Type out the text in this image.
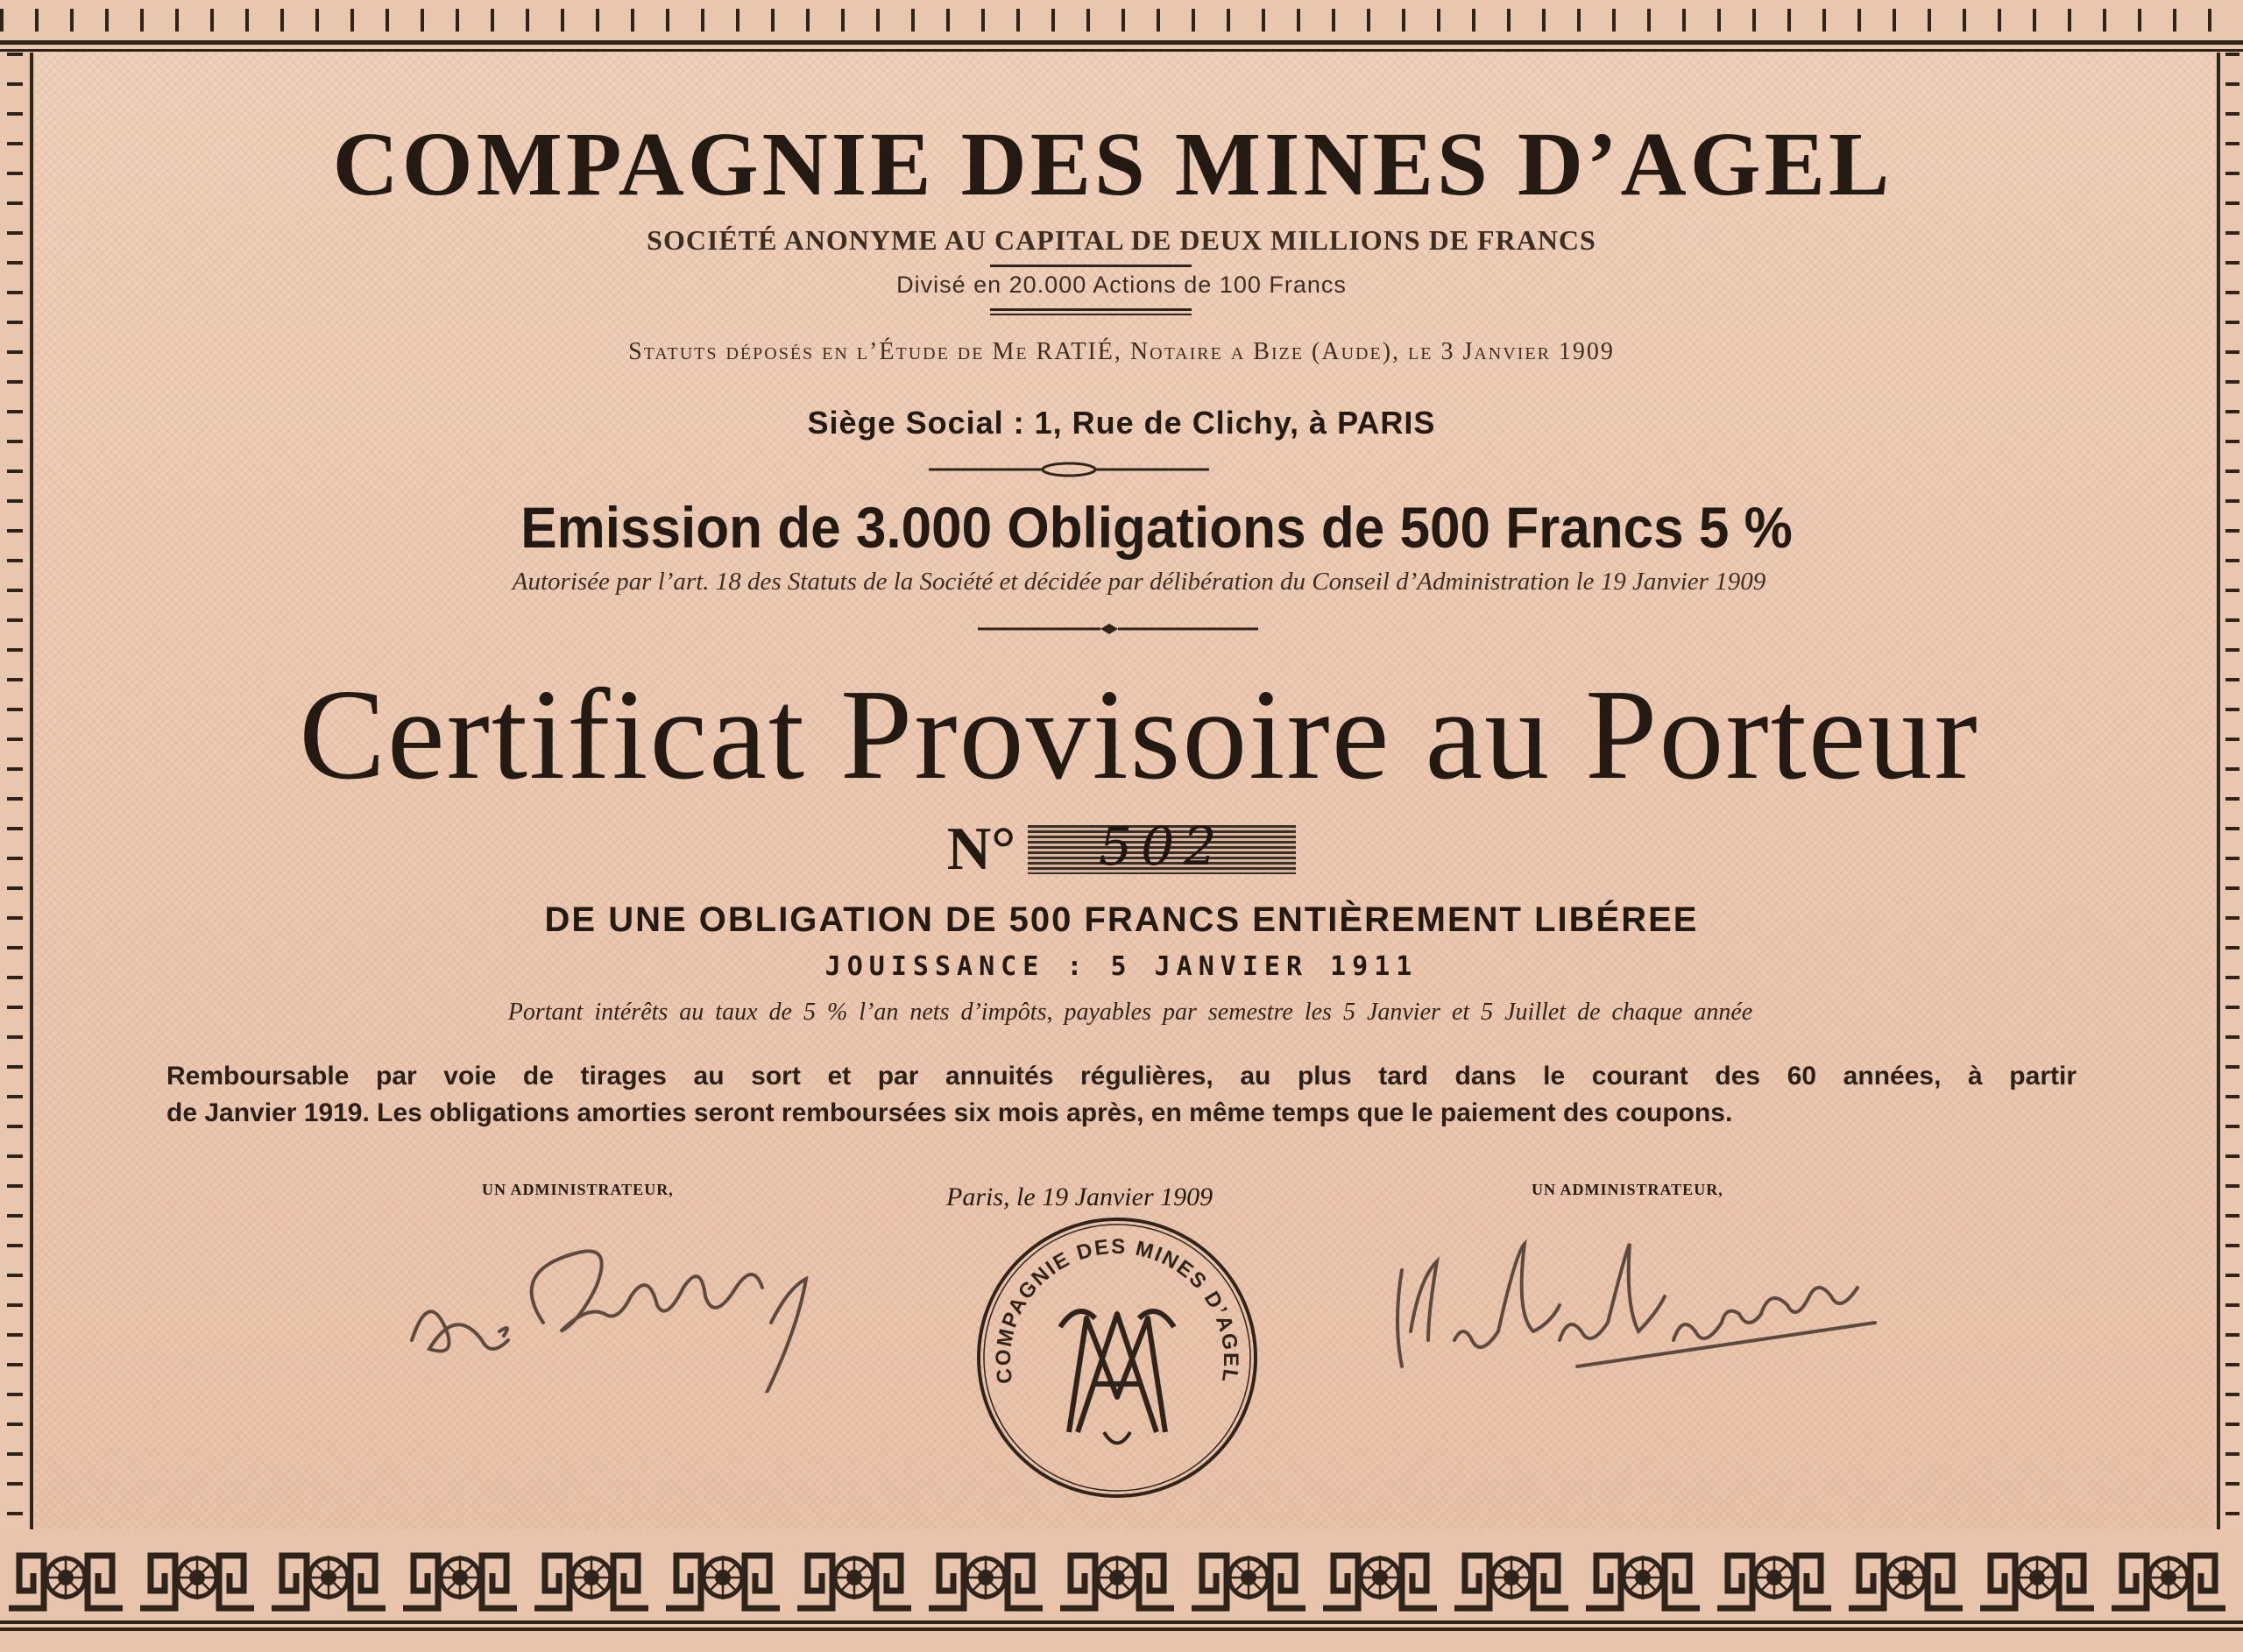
COMPAGNIE DES MINES D’AGEL
SOCIÉTÉ ANONYME AU CAPITAL DE DEUX MILLIONS DE FRANCS
Divisé en 20.000 Actions de 100 Francs
Statuts déposés en l’Étude de Me RATIÉ, Notaire a Bize (Aude), le 3 Janvier 1909
Siège Social : 1, Rue de Clichy, à PARIS
Emission de 3.000 Obligations de 500 Francs 5 %
Autorisée par l’art. 18 des Statuts de la Société et décidée par délibération du Conseil d’Administration le 19 Janvier 1909
Certificat Provisoire au Porteur
N°	502
DE UNE OBLIGATION DE 500 FRANCS ENTIÈREMENT LIBÉREE
JOUISSANCE : 5 JANVIER 1911
Portant intérêts au taux de 5 % l’an nets d’impôts, payables par semestre les 5 Janvier et 5 Juillet de chaque année
Remboursable par voie de tirages au sort et par annuités régulières, au plus tard dans le courant des 60 années, à partir
de Janvier 1919. Les obligations amorties seront remboursées six mois après, en même temps que le paiement des coupons.
UN ADMINISTRATEUR,	Paris, le 19 Janvier 1909	UN ADMINISTRATEUR,
COMPAGNIE DES MINES D’AGEL
